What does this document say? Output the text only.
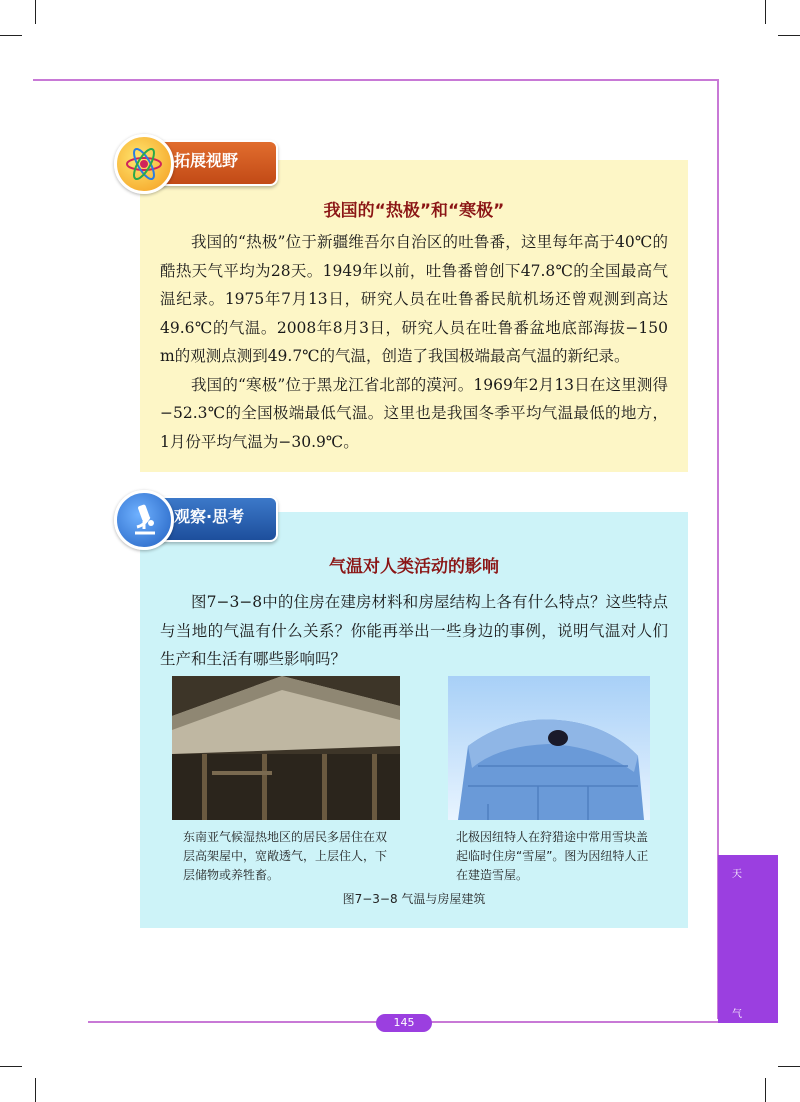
天
气
拓展视野
我国的“热极”和“寒极”

我国的“热极”位于新疆维吾尔自治区的吐鲁番，这里每年高于40℃的酷热天气平均为28天。1949年以前，吐鲁番曾创下47.8℃的全国最高气温纪录。1975年7月13日，研究人员在吐鲁番民航机场还曾观测到高达49.6℃的气温。2008年8月3日，研究人员在吐鲁番盆地底部海拔−150 m的观测点测到49.7℃的气温，创造了我国极端最高气温的新纪录。

我国的“寒极”位于黑龙江省北部的漠河。1969年2月13日在这里测得−52.3℃的全国极端最低气温。这里也是我国冬季平均气温最低的地方，1月份平均气温为−30.9℃。

观察·思考
气温对人类活动的影响

图7−3−8中的住房在建房材料和房屋结构上各有什么特点？这些特点与当地的气温有什么关系？你能再举出一些身边的事例，说明气温对人们生产和生活有哪些影响吗？

东南亚气候湿热地区的居民多居住在双层高架屋中，宽敞透气，上层住人，下层储物或养牲畜。
北极因纽特人在狩猎途中常用雪块盖起临时住房“雪屋”。图为因纽特人正在建造雪屋。
图7−3−8 气温与房屋建筑
145
